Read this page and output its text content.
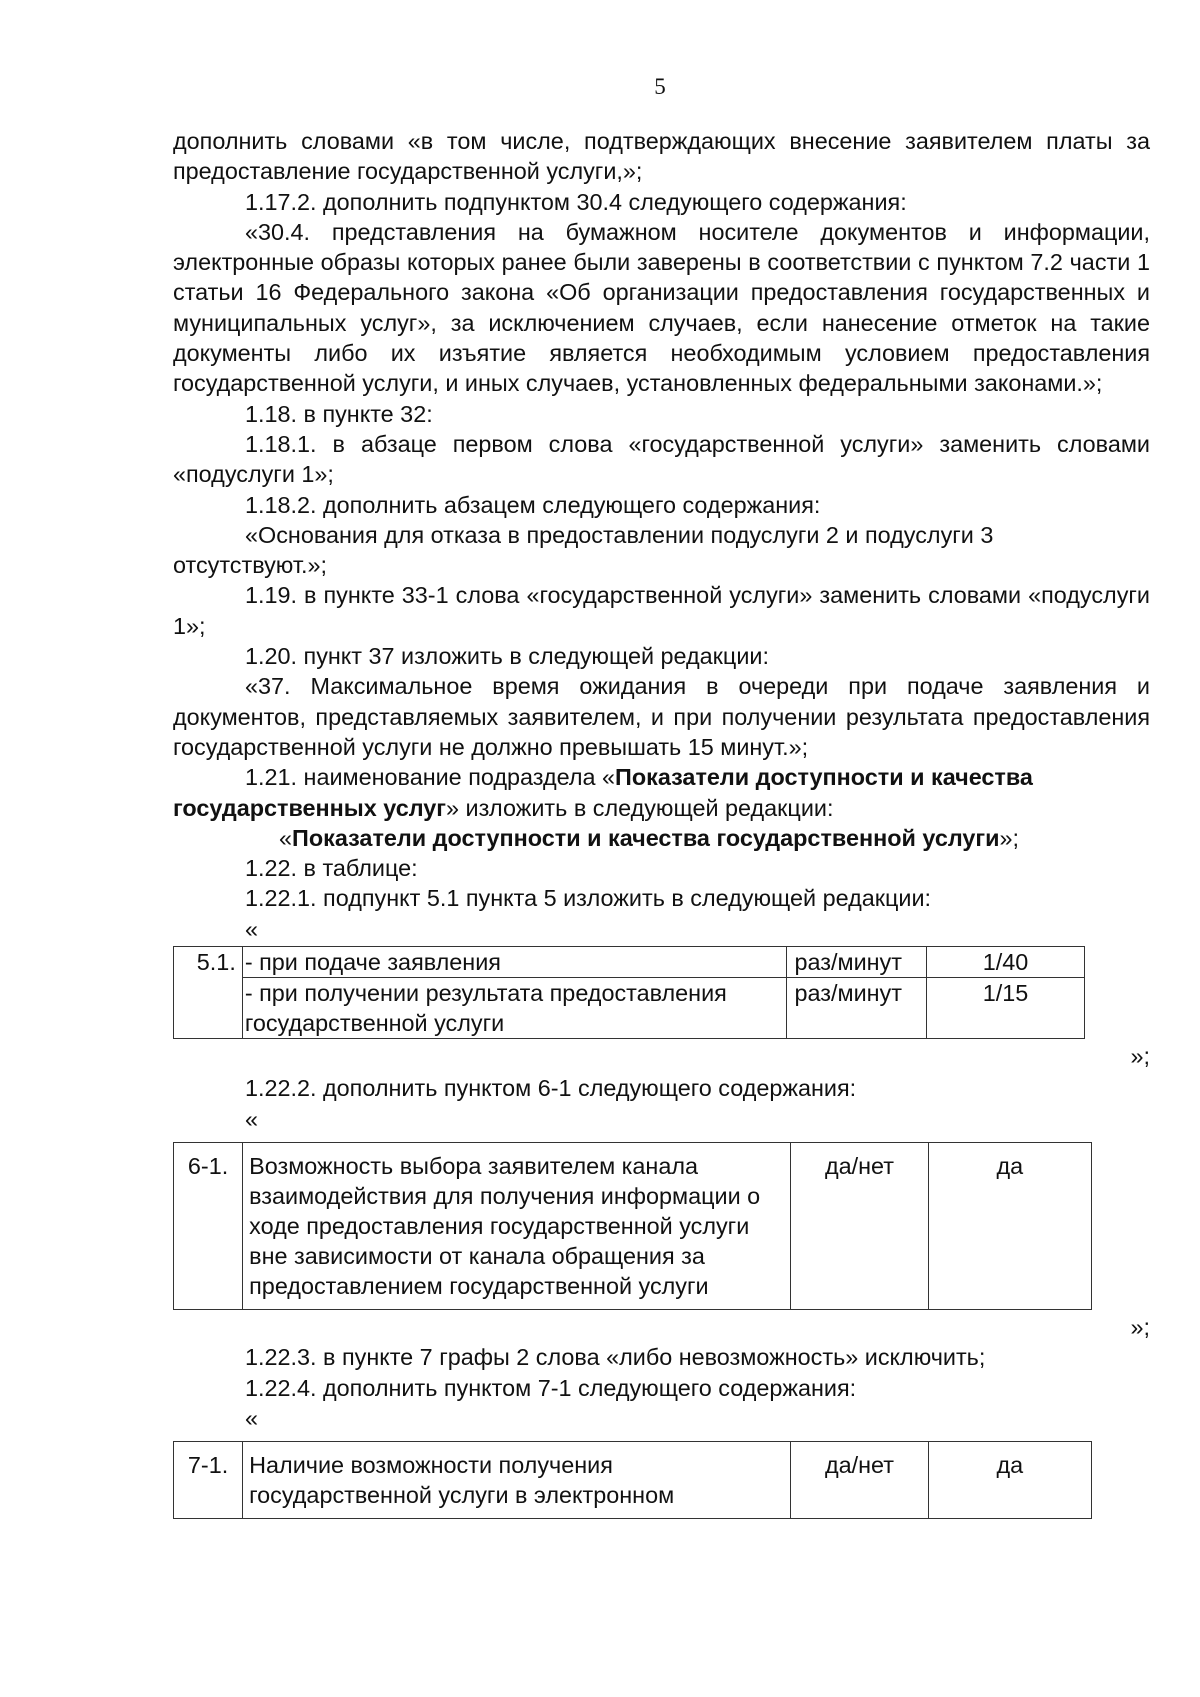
5

дополнить словами «в том числе, подтверждающих внесение заявителем платы за предоставление государственной услуги,»;

1.17.2. дополнить подпунктом 30.4 следующего содержания:

«30.4. представления на бумажном носителе документов и информации, электронные образы которых ранее были заверены в соответствии с пунктом 7.2 части 1 статьи 16 Федерального закона «Об организации предоставления государственных и муниципальных услуг», за исключением случаев, если нанесение отметок на такие документы либо их изъятие является необходимым условием предоставления государственной услуги, и иных случаев, установленных федеральными законами.»;

1.18. в пункте 32:

1.18.1. в абзаце первом слова «государственной услуги» заменить словами «подуслуги 1»;

1.18.2. дополнить абзацем следующего содержания:

«Основания для отказа в предоставлении подуслуги 2 и подуслуги 3 отсутствуют.»;

1.19. в пункте 33-1 слова «государственной услуги» заменить словами «подуслуги 1»;

1.20. пункт 37 изложить в следующей редакции:

«37. Максимальное время ожидания в очереди при подаче заявления и документов, представляемых заявителем, и при получении результата предоставления государственной услуги не должно превышать 15 минут.»;

1.21. наименование подраздела «Показатели доступности и качества государственных услуг» изложить в следующей редакции:

«Показатели доступности и качества государственной услуги»;

1.22. в таблице:

1.22.1. подпункт 5.1 пункта 5 изложить в следующей редакции:

«

5.1.	- при подаче заявления	раз/минут	1/40
	- при получении результата предоставления государственной услуги	раз/минут	1/15

»;

1.22.2. дополнить пунктом 6-1 следующего содержания:

«

6-1.	Возможность выбора заявителем канала взаимодействия для получения информации о ходе предоставления государственной услуги вне зависимости от канала обращения за предоставлением государственной услуги	да/нет	да

»;

1.22.3. в пункте 7 графы 2 слова «либо невозможность» исключить;

1.22.4. дополнить пунктом 7-1 следующего содержания:

«

7-1.	Наличие возможности получения государственной услуги в электронном	да/нет	да
